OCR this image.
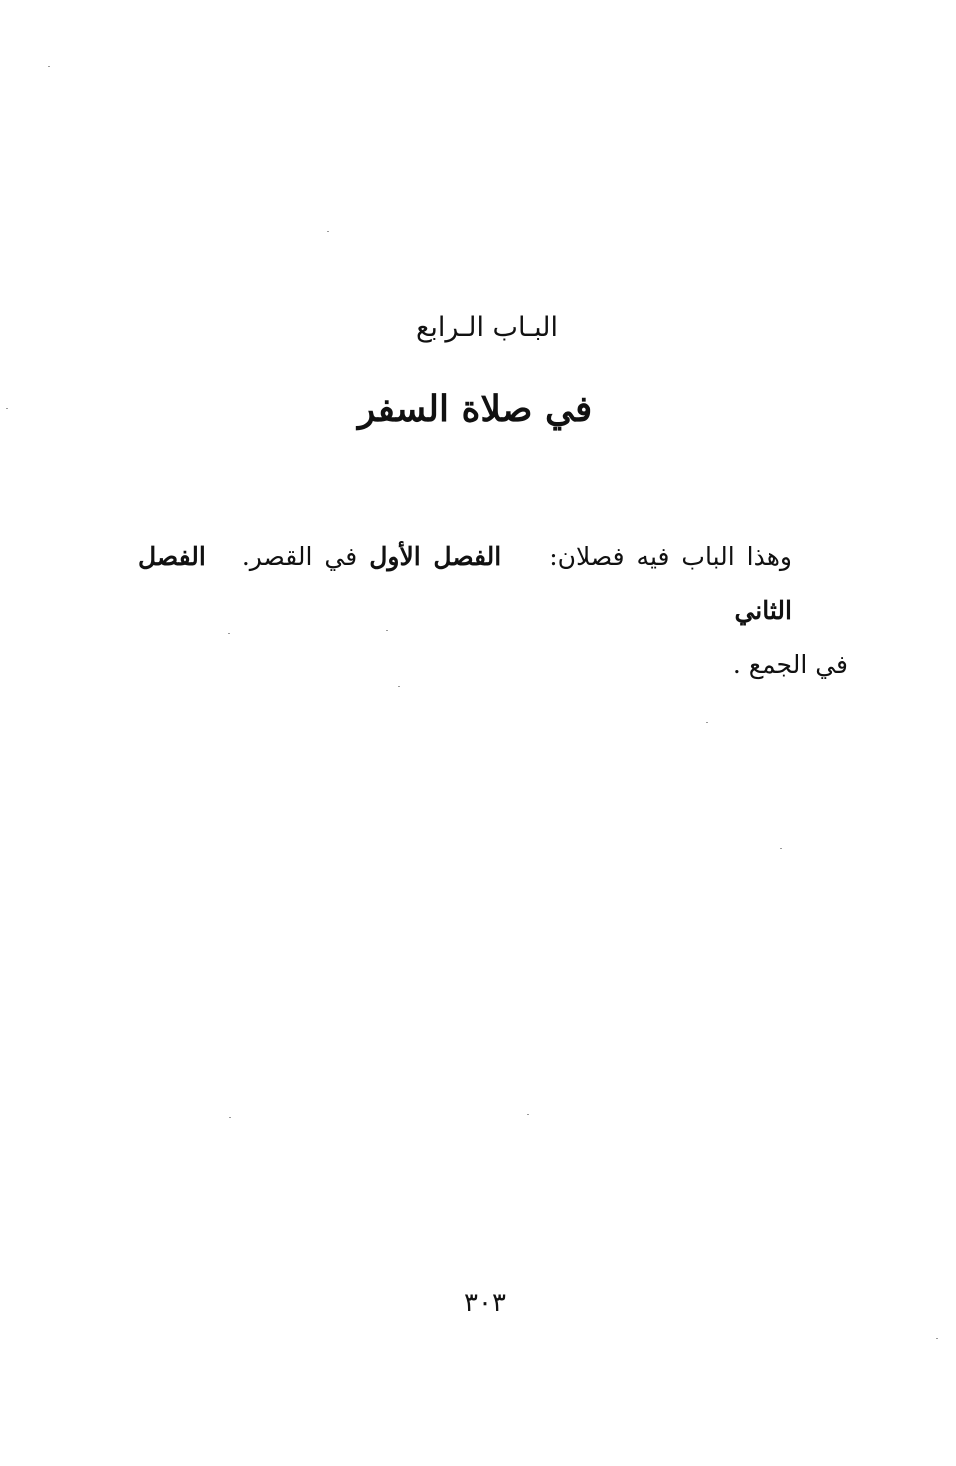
البـاب الـرابع
في صلاة السفر
وهذا الباب فيه فصلان:    الفصل الأول في القصر.   الفصل الثاني
في الجمع .
٣٠٣
